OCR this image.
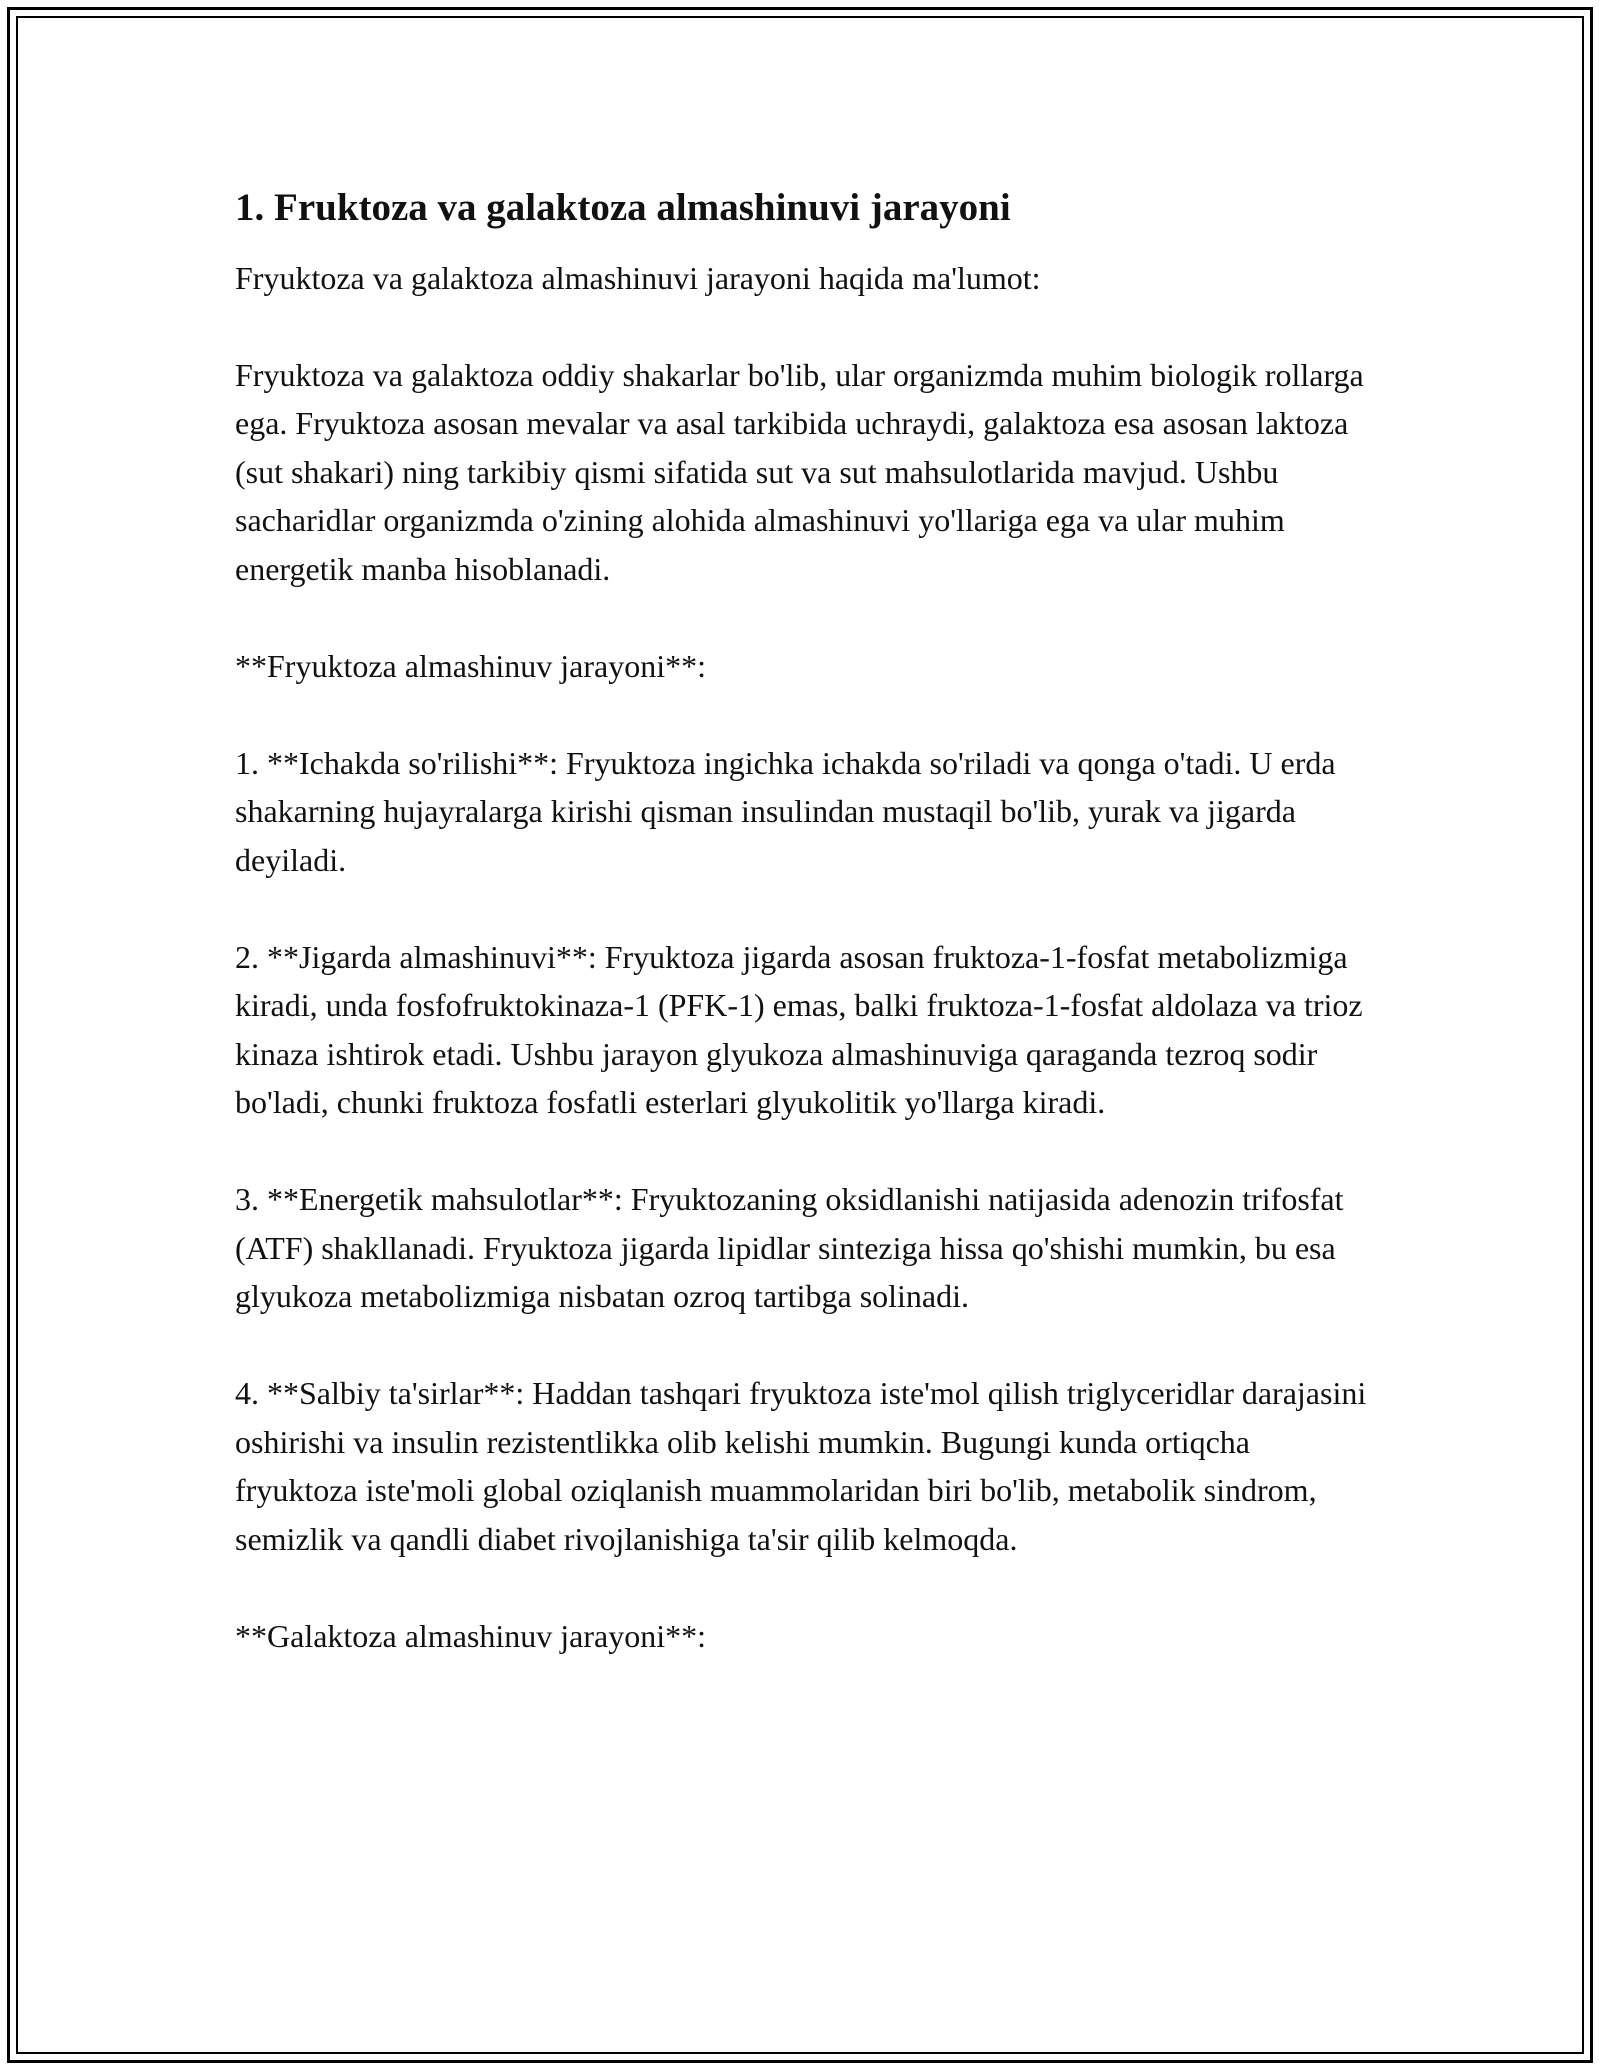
1. Fruktoza va galaktoza almashinuvi jarayoni

Fryuktoza va galaktoza almashinuvi jarayoni haqida ma'lumot:

Fryuktoza va galaktoza oddiy shakarlar bo'lib, ular organizmda muhim biologik rollarga ega. Fryuktoza asosan mevalar va asal tarkibida uchraydi, galaktoza esa asosan laktoza (sut shakari) ning tarkibiy qismi sifatida sut va sut mahsulotlarida mavjud. Ushbu sacharidlar organizmda o'zining alohida almashinuvi yo'llariga ega va ular muhim energetik manba hisoblanadi.

**Fryuktoza almashinuv jarayoni**:

1. **Ichakda so'rilishi**: Fryuktoza ingichka ichakda so'riladi va qonga o'tadi. U erda shakarning hujayralarga kirishi qisman insulindan mustaqil bo'lib, yurak va jigarda deyiladi.

2. **Jigarda almashinuvi**: Fryuktoza jigarda asosan fruktoza-1-fosfat metabolizmiga kiradi, unda fosfofruktokinaza-1 (PFK-1) emas, balki fruktoza-1-fosfat aldolaza va trioz kinaza ishtirok etadi. Ushbu jarayon glyukoza almashinuviga qaraganda tezroq sodir bo'ladi, chunki fruktoza fosfatli esterlari glyukolitik yo'llarga kiradi.

3. **Energetik mahsulotlar**: Fryuktozaning oksidlanishi natijasida adenozin trifosfat (ATF) shakllanadi. Fryuktoza jigarda lipidlar sinteziga hissa qo'shishi mumkin, bu esa glyukoza metabolizmiga nisbatan ozroq tartibga solinadi.

4. **Salbiy ta'sirlar**: Haddan tashqari fryuktoza iste'mol qilish triglyceridlar darajasini oshirishi va insulin rezistentlikka olib kelishi mumkin. Bugungi kunda ortiqcha fryuktoza iste'moli global oziqlanish muammolaridan biri bo'lib, metabolik sindrom, semizlik va qandli diabet rivojlanishiga ta'sir qilib kelmoqda.

**Galaktoza almashinuv jarayoni**:
